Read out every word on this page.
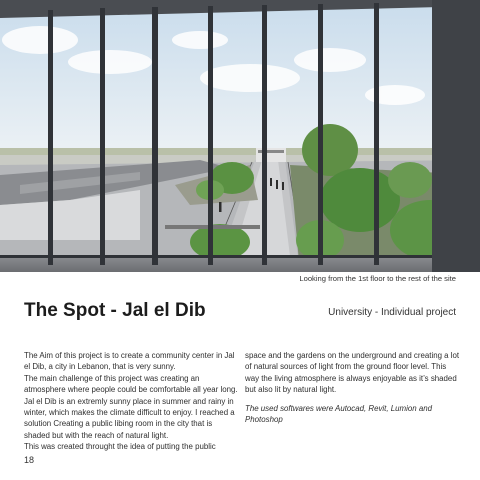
Looking from the 1st floor to the rest of the site
The Spot - Jal el Dib	University - Individual project

The Aim of this project is to create a community center in Jal el Dib, a city in Lebanon, that is very sunny.

The main challenge of this project was creating an atmosphere where people could be comfortable all year long. Jal el Dib is an extremly sunny place in summer and rainy in winter, which makes the climate difficult to enjoy. I reached a solution Creating a public libing room in the city that is shaded but with the reach of natural light.

This was created throught the idea of putting the public

space and the gardens on the underground and creating a lot of natural sources of light from the ground floor level. This way the living atmosphere is always enjoyable as it’s shaded but also lit by natural light.

The used softwares were Autocad, Revit, Lumion and Photoshop

18
